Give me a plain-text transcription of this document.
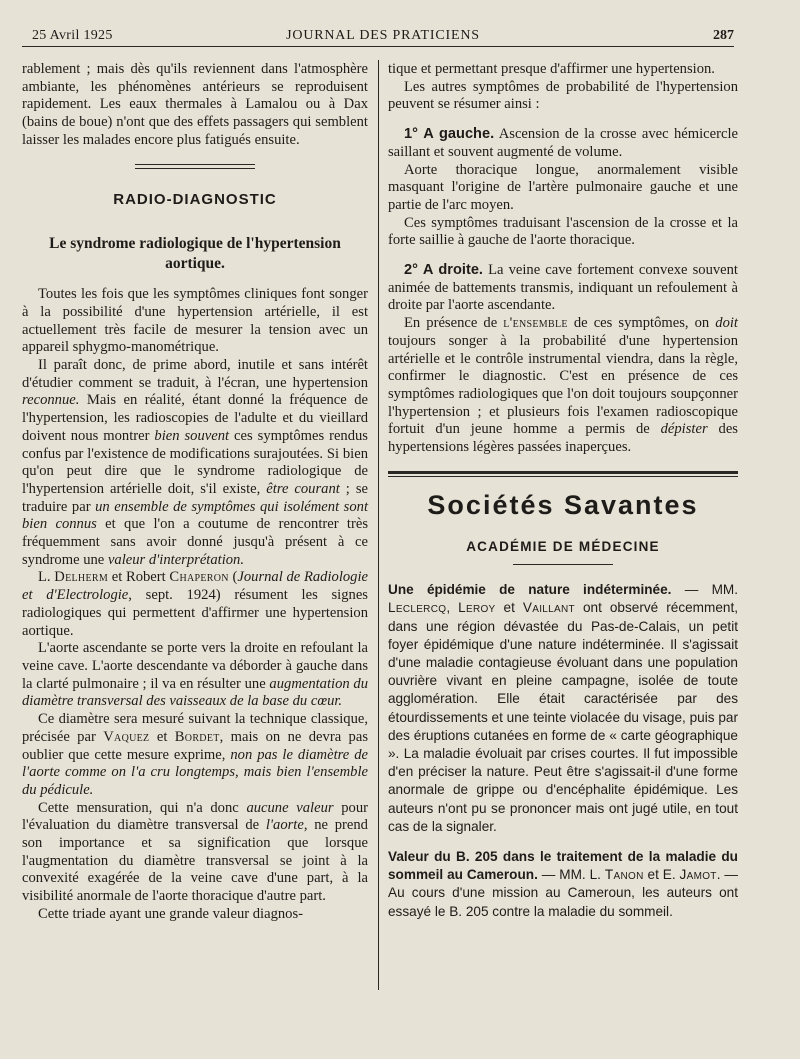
25 Avril 1925	JOURNAL DES PRATICIENS	287

rablement ; mais dès qu'ils reviennent dans l'atmosphère ambiante, les phénomènes antérieurs se reproduisent rapidement. Les eaux thermales à Lamalou ou à Dax (bains de boue) n'ont que des effets passagers qui semblent laisser les malades encore plus fatigués ensuite.

RADIO-DIAGNOSTIC
Le syndrome radiologique de l'hypertension aortique.

Toutes les fois que les symptômes cliniques font songer à la possibilité d'une hypertension artérielle, il est actuellement très facile de mesurer la tension avec un appareil sphygmo-manométrique.

Il paraît donc, de prime abord, inutile et sans intérêt d'étudier comment se traduit, à l'écran, une hypertension reconnue. Mais en réalité, étant donné la fréquence de l'hypertension, les radioscopies de l'adulte et du vieillard doivent nous montrer bien souvent ces symptômes rendus confus par l'existence de modifications surajoutées. Si bien qu'on peut dire que le syndrome radiologique de l'hypertension artérielle doit, s'il existe, être courant ; se traduire par un ensemble de symptômes qui isolément sont bien connus et que l'on a coutume de rencontrer très fréquemment sans avoir donné jusqu'à présent à ce syndrome une valeur d'interprétation.

L. Delherm et Robert Chaperon (Journal de Radiologie et d'Electrologie, sept. 1924) résument les signes radiologiques qui permettent d'affirmer une hypertension aortique.

L'aorte ascendante se porte vers la droite en refoulant la veine cave. L'aorte descendante va déborder à gauche dans la clarté pulmonaire ; il va en résulter une augmentation du diamètre transversal des vaisseaux de la base du cœur.

Ce diamètre sera mesuré suivant la technique classique, précisée par Vaquez et Bordet, mais on ne devra pas oublier que cette mesure exprime, non pas le diamètre de l'aorte comme on l'a cru longtemps, mais bien l'ensemble du pédicule.

Cette mensuration, qui n'a donc aucune valeur pour l'évaluation du diamètre transversal de l'aorte, ne prend son importance et sa signification que lorsque l'augmentation du diamètre transversal se joint à la convexité exagérée de la veine cave d'une part, à la visibilité anormale de l'aorte thoracique d'autre part.

Cette triade ayant une grande valeur diagnos-

tique et permettant presque d'affirmer une hypertension.

Les autres symptômes de probabilité de l'hypertension peuvent se résumer ainsi :

1° A gauche. Ascension de la crosse avec hémicercle saillant et souvent augmenté de volume.

Aorte thoracique longue, anormalement visible masquant l'origine de l'artère pulmonaire gauche et une partie de l'arc moyen.

Ces symptômes traduisant l'ascension de la crosse et la forte saillie à gauche de l'aorte thoracique.

2° A droite. La veine cave fortement convexe souvent animée de battements transmis, indiquant un refoulement à droite par l'aorte ascendante.

En présence de l'ensemble de ces symptômes, on doit toujours songer à la probabilité d'une hypertension artérielle et le contrôle instrumental viendra, dans la règle, confirmer le diagnostic. C'est en présence de ces symptômes radiologiques que l'on doit toujours soupçonner l'hypertension ; et plusieurs fois l'examen radioscopique fortuit d'un jeune homme a permis de dépister des hypertensions légères passées inaperçues.

Sociétés Savantes
ACADÉMIE DE MÉDECINE

Une épidémie de nature indéterminée. — MM. Leclercq, Leroy et Vaillant ont observé récemment, dans une région dévastée du Pas-de-Calais, un petit foyer épidémique d'une nature indéterminée. Il s'agissait d'une maladie contagieuse évoluant dans une population ouvrière vivant en pleine campagne, isolée de toute agglomération. Elle était caractérisée par des étourdissements et une teinte violacée du visage, puis par des éruptions cutanées en forme de « carte géographique ». La maladie évoluait par crises courtes. Il fut impossible d'en préciser la nature. Peut être s'agissait-il d'une forme anormale de grippe ou d'encéphalite épidémique. Les auteurs n'ont pu se prononcer mais ont jugé utile, en tout cas de la signaler.

Valeur du B. 205 dans le traitement de la maladie du sommeil au Cameroun. — MM. L. Tanon et E. Jamot. — Au cours d'une mission au Cameroun, les auteurs ont essayé le B. 205 contre la maladie du sommeil.
